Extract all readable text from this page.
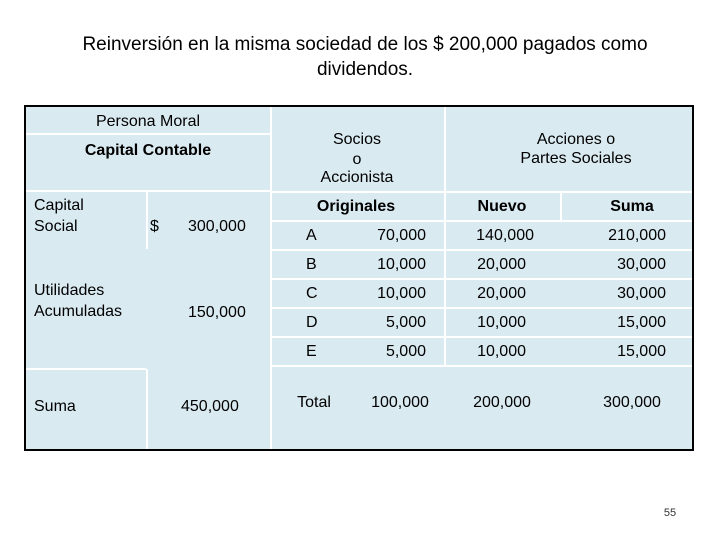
Reinversión en la misma sociedad de los $ 200,000 pagados como
dividendos.
Persona Moral
Capital Contable
Capital
Social	$ 300,000
Utilidades
Acumuladas	150,000
Suma	450,000
Socios
o
Accionista
Acciones o
Partes Sociales
Originales	Nuevo	Suma
A	70,000	140,000	210,000
B	10,000	20,000	30,000
C	10,000	20,000	30,000
D	5,000	10,000	15,000
E	5,000	10,000	15,000
Total	100,000	200,000	300,000
55
